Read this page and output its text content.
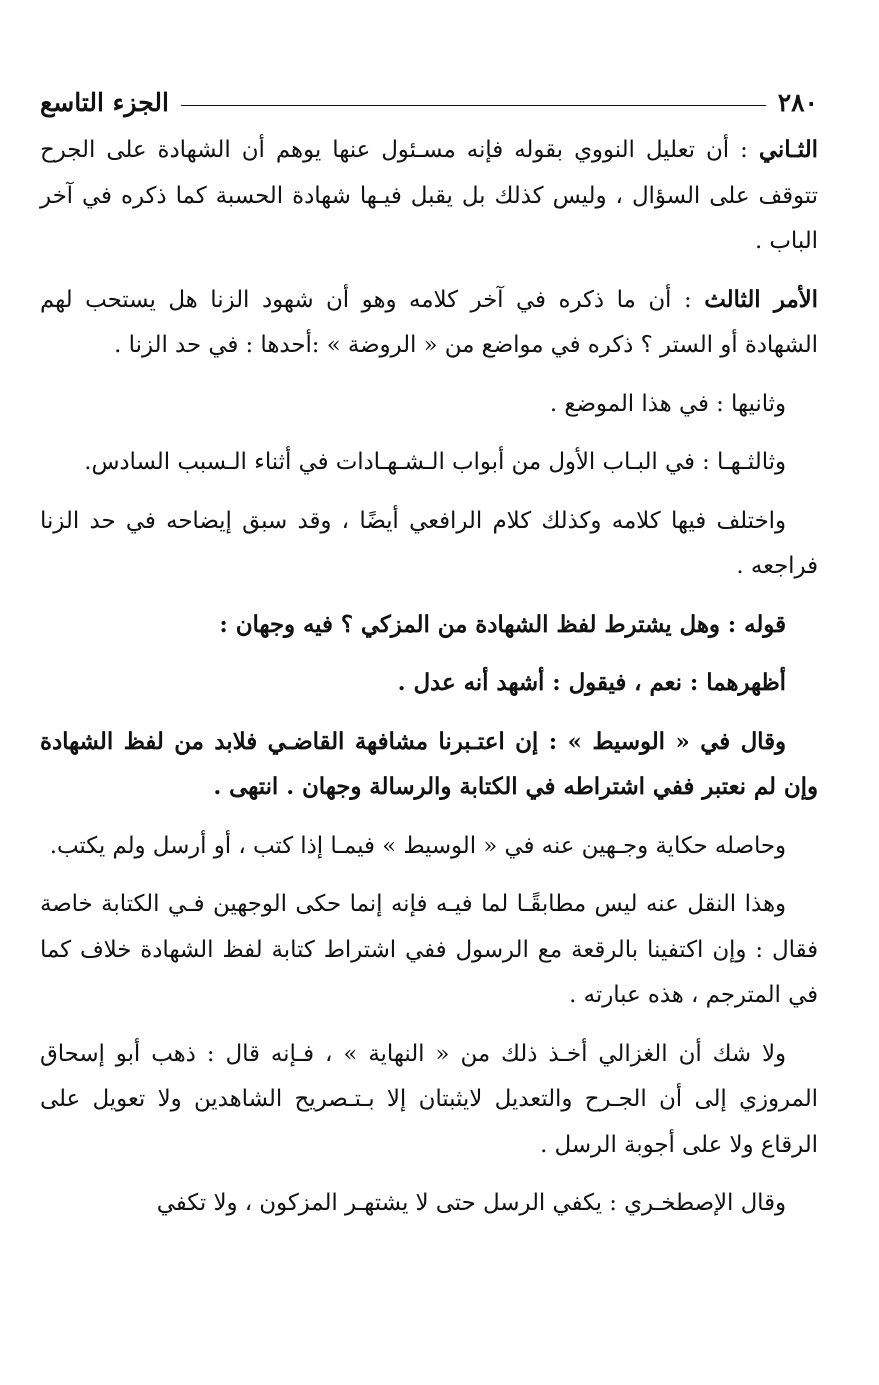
٢٨٠
الجزء التاسع

الثـاني : أن تعليل النووي بقوله فإنه مسـئول عنها يوهم أن الشهادة على الجرح تتوقف على السؤال ، وليس كذلك بل يقبل فيـها شهادة الحسبة كما ذكره في آخر الباب .

الأمر الثالث : أن ما ذكره في آخر كلامه وهو أن شهود الزنا هل يستحب لهم الشهادة أو الستر ؟ ذكره في مواضع من « الروضة » :أحدها : في حد الزنا .

وثانيها : في هذا الموضع .

وثالثـهـا : في البـاب الأول من أبواب الـشـهـادات في أثناء الـسبب السادس.

واختلف فيها كلامه وكذلك كلام الرافعي أيضًا ، وقد سبق إيضاحه في حد الزنا فراجعه .

قوله : وهل يشترط لفظ الشهادة من المزكي ؟ فيه وجهان :

أظهرهما : نعم ، فيقول : أشهد أنه عدل .

وقال في « الوسيط » : إن اعتـبرنا مشافهة القاضـي فلابد من لفظ الشهادة وإن لم نعتبر ففي اشتراطه في الكتابة والرسالة وجهان . انتهى .

وحاصله حكاية وجـهين عنه في « الوسيط » فيمـا إذا كتب ، أو أرسل ولم يكتب.

وهذا النقل عنه ليس مطابقًـا لما فيـه فإنه إنما حكى الوجهين فـي الكتابة خاصة فقال : وإن اكتفينا بالرقعة مع الرسول ففي اشتراط كتابة لفظ الشهادة خلاف كما في المترجم ، هذه عبارته .

ولا شك أن الغزالي أخـذ ذلك من « النهاية » ، فـإنه قال : ذهب أبو إسحاق المروزي إلى أن الجـرح والتعديل لايثبتان إلا بـتـصريح الشاهدين ولا تعويل على الرقاع ولا على أجوبة الرسل .

وقال الإصطخـري : يكفي الرسل حتى لا يشتهـر المزكون ، ولا تكفي
